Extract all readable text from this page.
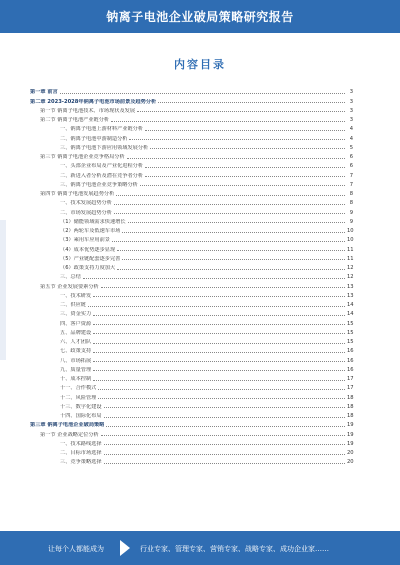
钠离子电池企业破局策略研究报告
内容目录
第一章 前言	3
第二章 2023-2028年钠离子电池市场前景及趋势分析	3
第一节 钠离子电池技术、市场现状及发展	3
第二节 钠离子电池产业链分析	3
一、钠离子电池上游材料产业链分析	4
二、钠离子电池中游制造分析	4
三、钠离子电池下游应用领域发展分析	5
第三节 钠离子电池企业竞争格局分析	6
一、头部企业布局及产业化进程分析	6
二、新进入者分析及潜在竞争者分析	7
三、钠离子电池企业竞争策略分析	7
第四节 钠离子电池发展趋势分析	8
一、技术发展趋势分析	8
二、市场发展趋势分析	9
（1）储能领域需求快速增长	9
（2）两轮车及低速车市场	10
（3）乘用车应用前景	10
（4）成本优势逐步显现	11
（5）产业链配套逐步完善	11
（6）政策支持力度加大	12
三、总结	12
第五节 企业发展要素分析	13
一、技术研发	13
二、供应链	14
三、资金实力	14
四、客户资源	15
五、品牌建设	15
六、人才团队	15
七、政策支持	16
八、市场拓展	16
九、质量管理	16
十、成本控制	17
十一、合作模式	17
十二、风险管理	18
十三、数字化建设	18
十四、国际化布局	18
第三章 钠离子电池企业破局策略	19
第一节 企业战略定位分析	19
一、技术路线选择	19
二、目标市场选择	20
三、竞争策略选择	20
让每个人都能成为	行业专家、管理专家、营销专家、战略专家、成功企业家……
